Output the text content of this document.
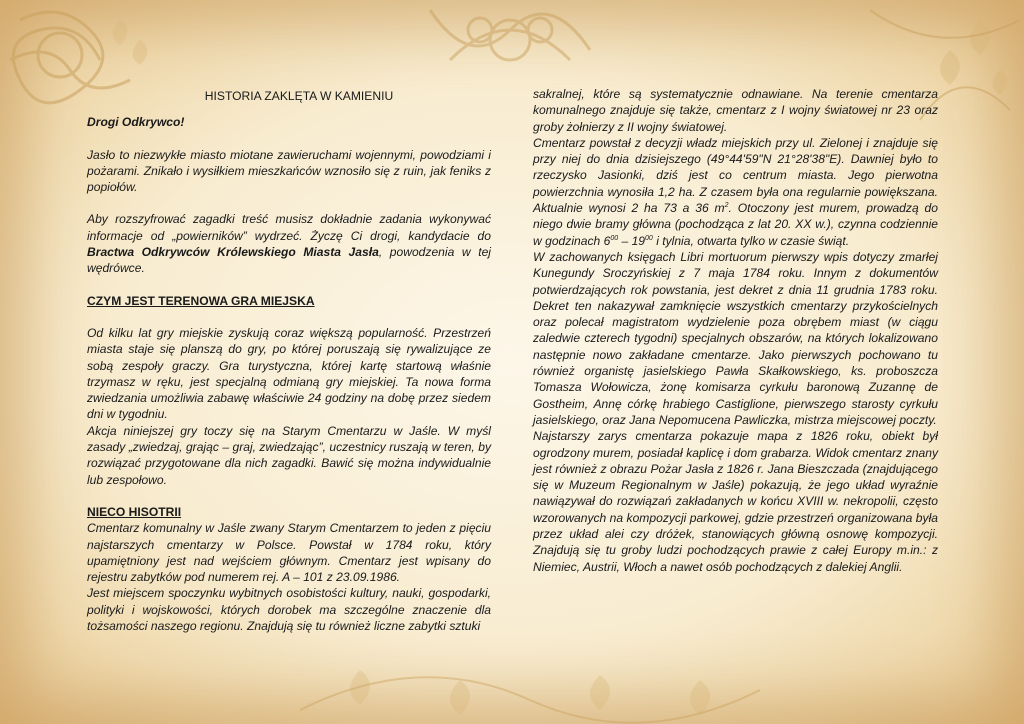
HISTORIA ZAKLĘTA W KAMIENIU

Drogi Odkrywco!

Jasło to niezwykłe miasto miotane zawieruchami wojennymi, powodziami i pożarami. Znikało i wysiłkiem mieszkańców wznosiło się z ruin, jak feniks z popiołów.

Aby rozszyfrować zagadki treść musisz dokładnie zadania wykonywać informacje od „powierników” wydrzeć. Życzę Ci drogi, kandydacie do Bractwa Odkrywców Królewskiego Miasta Jasła, powodzenia w tej wędrówce.

CZYM JEST TERENOWA GRA MIEJSKA

Od kilku lat gry miejskie zyskują coraz większą popularność. Przestrzeń miasta staje się planszą do gry, po której poruszają się rywalizujące ze sobą zespoły graczy. Gra turystyczna, której kartę startową właśnie trzymasz w ręku, jest specjalną odmianą gry miejskiej. Ta nowa forma zwiedzania umożliwia zabawę właściwie 24 godziny na dobę przez siedem dni w tygodniu.

Akcja niniejszej gry toczy się na Starym Cmentarzu w Jaśle. W myśl zasady „zwiedzaj, grając – graj, zwiedzając”, uczestnicy ruszają w teren, by rozwiązać przygotowane dla nich zagadki. Bawić się można indywidualnie lub zespołowo.

NIECO HISOTRII

Cmentarz komunalny w Jaśle zwany Starym Cmentarzem to jeden z pięciu najstarszych cmentarzy w Polsce. Powstał w 1784 roku, który upamiętniony jest nad wejściem głównym. Cmentarz jest wpisany do rejestru zabytków pod numerem rej. A – 101 z 23.09.1986.

Jest miejscem spoczynku wybitnych osobistości kultury, nauki, gospodarki, polityki i wojskowości, których dorobek ma szczególne znaczenie dla tożsamości naszego regionu. Znajdują się tu również liczne zabytki sztuki

sakralnej, które są systematycznie odnawiane. Na terenie cmentarza komunalnego znajduje się także, cmentarz z I wojny światowej nr 23 oraz groby żołnierzy z II wojny światowej.

Cmentarz powstał z decyzji władz miejskich przy ul. Zielonej i znajduje się przy niej do dnia dzisiejszego (49°44'59"N 21°28'38"E). Dawniej było to rzeczysko Jasionki, dziś jest co centrum miasta. Jego pierwotna powierzchnia wynosiła 1,2 ha. Z czasem była ona regularnie powiększana. Aktualnie wynosi 2 ha 73 a 36 $m^2$. Otoczony jest murem, prowadzą do niego dwie bramy główna (pochodząca z lat 20. XX w.), czynna codziennie w godzinach $6^{00} - 19^{00}$ i tylnia, otwarta tylko w czasie świąt.

W zachowanych księgach Libri mortuorum pierwszy wpis dotyczy zmarłej Kunegundy Sroczyńskiej z 7 maja 1784 roku. Innym z dokumentów potwierdzających rok powstania, jest dekret z dnia 11 grudnia 1783 roku. Dekret ten nakazywał zamknięcie wszystkich cmentarzy przykościelnych oraz polecał magistratom wydzielenie poza obrębem miast (w ciągu zaledwie czterech tygodni) specjalnych obszarów, na których lokalizowano następnie nowo zakładane cmentarze. Jako pierwszych pochowano tu również organistę jasielskiego Pawła Skałkowskiego, ks. proboszcza Tomasza Wołowicza, żonę komisarza cyrkułu baronową Zuzannę de Gostheim, Annę córkę hrabiego Castiglione, pierwszego starosty cyrkułu jasielskiego, oraz Jana Nepomucena Pawliczka, mistrza miejscowej poczty.

Najstarszy zarys cmentarza pokazuje mapa z 1826 roku, obiekt był ogrodzony murem, posiadał kaplicę i dom grabarza. Widok cmentarz znany jest również z obrazu Pożar Jasła z 1826 r. Jana Bieszczada (znajdującego się w Muzeum Regionalnym w Jaśle) pokazują, że jego układ wyraźnie nawiązywał do rozwiązań zakładanych w końcu XVIII w. nekropolii, często wzorowanych na kompozycji parkowej, gdzie przestrzeń organizowana była przez układ alei czy dróżek, stanowiących główną osnowę kompozycji. Znajdują się tu groby ludzi pochodzących prawie z całej Europy m.in.: z Niemiec, Austrii, Włoch a nawet osób pochodzących z dalekiej Anglii.
